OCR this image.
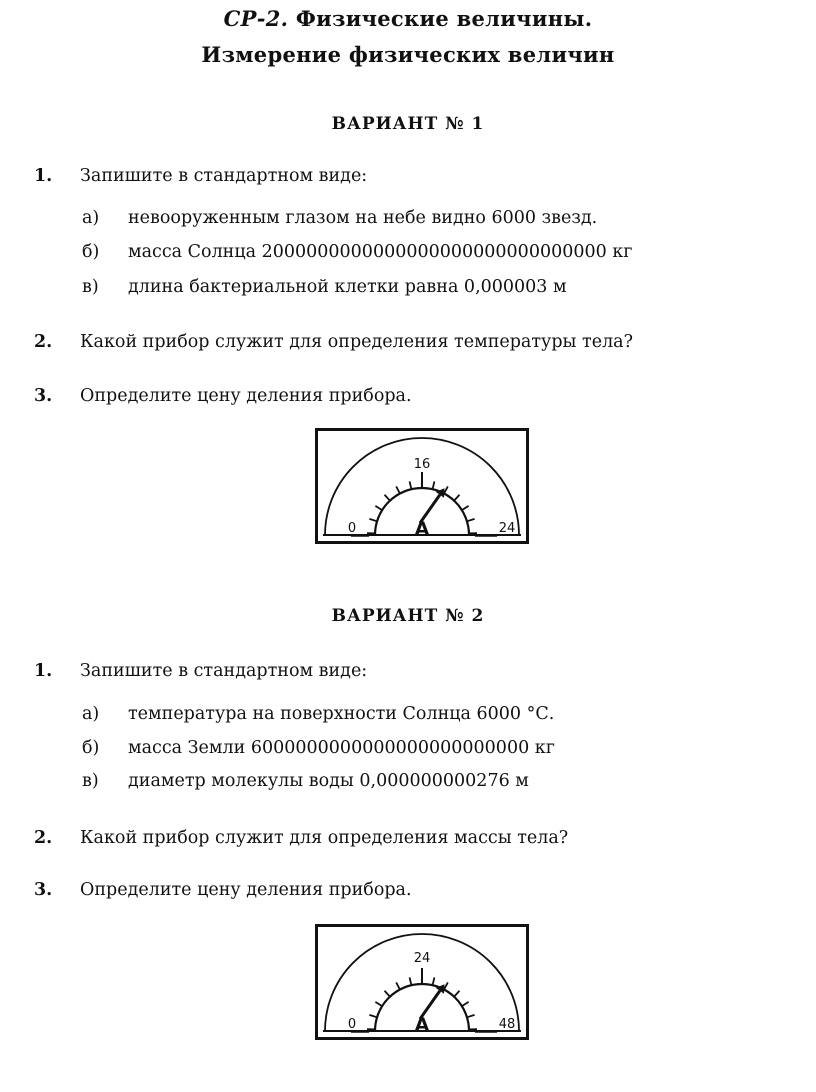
СР-2. Физические величины.
Измерение физических величин
ВАРИАНТ № 1
1. Запишите в стандартном виде:
а) невооруженным глазом на небе видно 6000 звезд.
б) масса Солнца 2000000000000000000000000000000 кг
в) длина бактериальной клетки равна 0,000003 м
2. Какой прибор служит для определения температуры тела?
3. Определите цену деления прибора.
16
0	24
А
ВАРИАНТ № 2
1. Запишите в стандартном виде:
а) температура на поверхности Солнца 6000 °С.
б) масса Земли 6000000000000000000000000 кг
в) диаметр молекулы воды 0,000000000276 м
2. Какой прибор служит для определения массы тела?
3. Определите цену деления прибора.
24
0	48
А
